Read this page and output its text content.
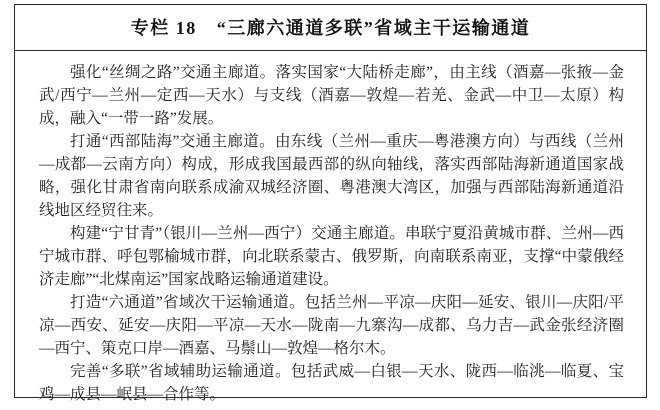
专栏 18 “三廊六通道多联”省域主干运输通道

强化“丝绸之路”交通主廊道。落实国家“大陆桥走廊”，由主线（酒嘉—张掖—金武/西宁—兰州—定西—天水）与支线（酒嘉—敦煌—若羌、金武—中卫—太原）构成，融入“一带一路”发展。

打通“西部陆海”交通主廊道。由东线（兰州—重庆—粤港澳方向）与西线（兰州—成都—云南方向）构成，形成我国最西部的纵向轴线，落实西部陆海新通道国家战略，强化甘肃省南向联系成渝双城经济圈、粤港澳大湾区，加强与西部陆海新通道沿线地区经贸往来。

构建“宁甘青”（银川—兰州—西宁）交通主廊道。串联宁夏沿黄城市群、兰州—西宁城市群、呼包鄂榆城市群，向北联系蒙古、俄罗斯，向南联系南亚，支撑“中蒙俄经济走廊”“北煤南运”国家战略运输通道建设。

打造“六通道”省域次干运输通道。包括兰州—平凉—庆阳—延安、银川—庆阳/平凉—西安、延安—庆阳—平凉—天水—陇南—九寨沟—成都、乌力吉—武金张经济圈—西宁、策克口岸—酒嘉、马鬃山—敦煌—格尔木。

完善“多联”省域辅助运输通道。包括武威—白银—天水、陇西—临洮—临夏、宝鸡—成县—岷县—合作等。
